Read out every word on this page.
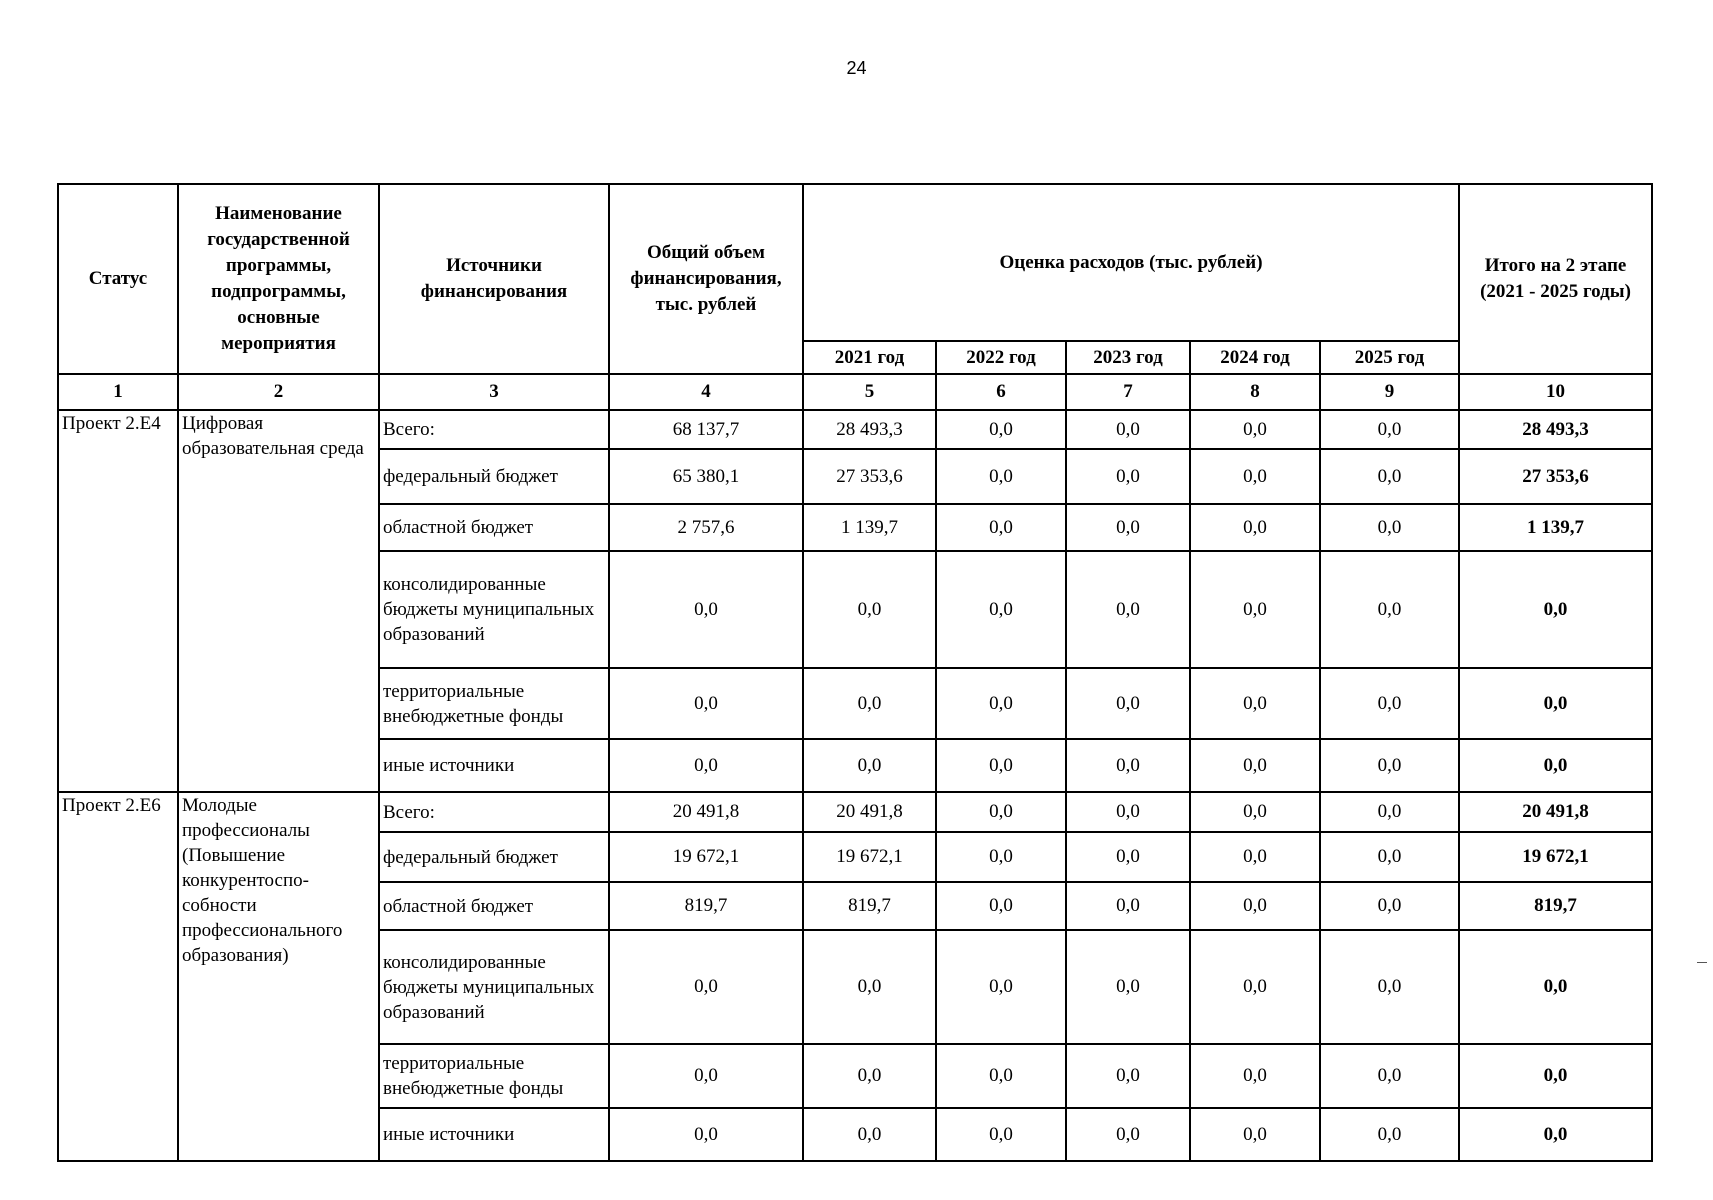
24
Статус	Наименование государственной программы, подпрограммы, основные мероприятия	Источники финансирования	Общий объем финансирования, тыс. рублей	Оценка расходов (тыс. рублей)					Итого на 2 этапе (2021 - 2025 годы)
				2021 год	2022 год	2023 год	2024 год	2025 год	
1	2	3	4	5	6	7	8	9	10
Проект 2.E4	Цифровая образовательная среда	Всего:	68 137,7	28 493,3	0,0	0,0	0,0	0,0	28 493,3
		федеральный бюджет	65 380,1	27 353,6	0,0	0,0	0,0	0,0	27 353,6
		областной бюджет	2 757,6	1 139,7	0,0	0,0	0,0	0,0	1 139,7
		консолидированные бюджеты муниципальных образований	0,0	0,0	0,0	0,0	0,0	0,0	0,0
		территориальные внебюджетные фонды	0,0	0,0	0,0	0,0	0,0	0,0	0,0
		иные источники	0,0	0,0	0,0	0,0	0,0	0,0	0,0
Проект 2.E6	Молодые профессионалы (Повышение конкурентоспо- собности профессионального образования)	Всего:	20 491,8	20 491,8	0,0	0,0	0,0	0,0	20 491,8
		федеральный бюджет	19 672,1	19 672,1	0,0	0,0	0,0	0,0	19 672,1
		областной бюджет	819,7	819,7	0,0	0,0	0,0	0,0	819,7
		консолидированные бюджеты муниципальных образований	0,0	0,0	0,0	0,0	0,0	0,0	0,0
		территориальные внебюджетные фонды	0,0	0,0	0,0	0,0	0,0	0,0	0,0
		иные источники	0,0	0,0	0,0	0,0	0,0	0,0	0,0
